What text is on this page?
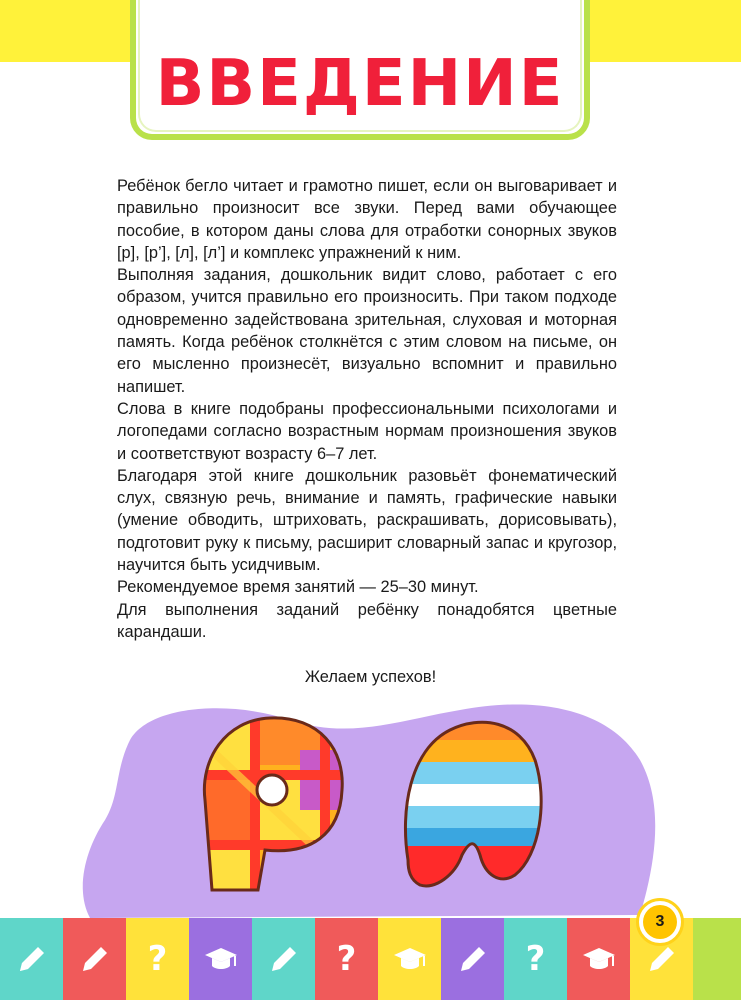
ВВЕДЕНИЕ

Ребёнок бегло читает и грамотно пишет, если он выговаривает и правильно произносит все звуки. Перед вами обучающее пособие, в котором даны слова для отработки сонорных звуков [р], [р’], [л], [л’] и комплекс упражнений к ним.

Выполняя задания, дошкольник видит слово, работает с его образом, учится правильно его произносить. При таком подходе одновременно задействована зрительная, слуховая и моторная память. Когда ребёнок столкнётся с этим словом на письме, он его мысленно произнесёт, визуально вспомнит и правильно напишет.

Слова в книге подобраны профессиональными психологами и логопедами согласно возрастным нормам произношения звуков и соответствуют возрасту 6–7 лет.

Благодаря этой книге дошкольник разовьёт фонематический слух, связную речь, внимание и память, графические навыки (умение обводить, штриховать, раскрашивать, дорисовывать), подготовит руку к письму, расширит словарный запас и кругозор, научится быть усидчивым.

Рекомендуемое время занятий — 25–30 минут.

Для выполнения заданий ребёнку понадобятся цветные карандаши.

Желаем успехов!
?	?	?
3
